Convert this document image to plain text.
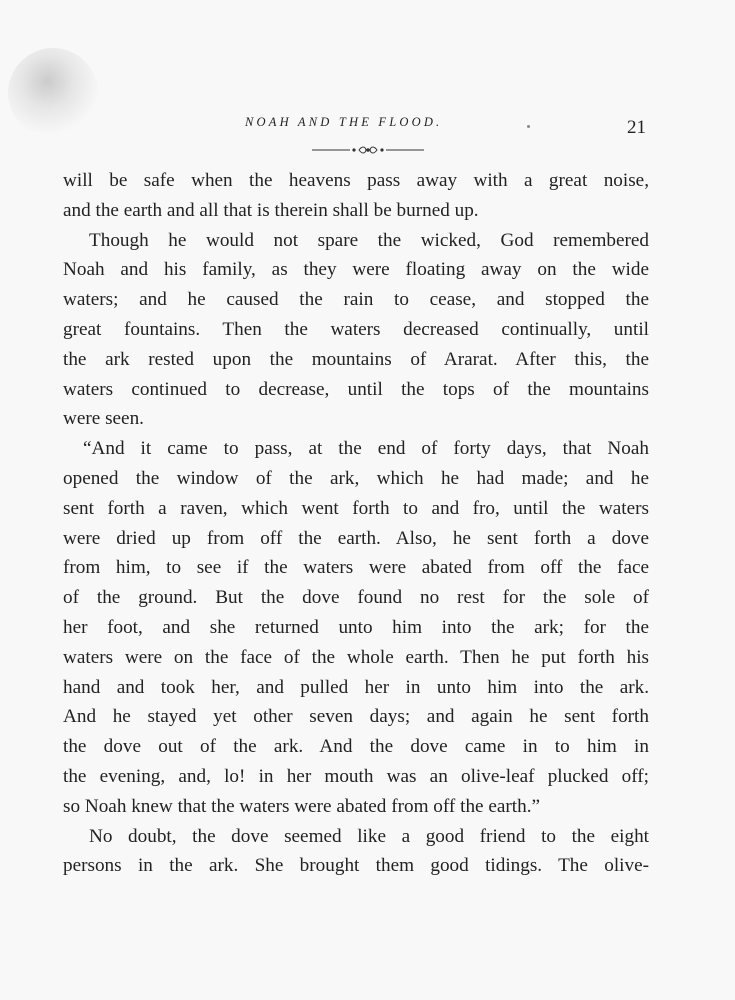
NOAH AND THE FLOOD.	21
will be safe when the heavens pass away with a great noise,
and the earth and all that is therein shall be burned up.
Though he would not spare the wicked, God remembered
Noah and his family, as they were floating away on the wide
waters; and he caused the rain to cease, and stopped the
great fountains. Then the waters decreased continually, until
the ark rested upon the mountains of Ararat. After this, the
waters continued to decrease, until the tops of the mountains
were seen.
“And it came to pass, at the end of forty days, that Noah
opened the window of the ark, which he had made; and he
sent forth a raven, which went forth to and fro, until the waters
were dried up from off the earth. Also, he sent forth a dove
from him, to see if the waters were abated from off the face
of the ground. But the dove found no rest for the sole of
her foot, and she returned unto him into the ark; for the
waters were on the face of the whole earth. Then he put forth his
hand and took her, and pulled her in unto him into the ark.
And he stayed yet other seven days; and again he sent forth
the dove out of the ark. And the dove came in to him in
the evening, and, lo! in her mouth was an olive-leaf plucked off;
so Noah knew that the waters were abated from off the earth.”
No doubt, the dove seemed like a good friend to the eight
persons in the ark. She brought them good tidings. The olive-
